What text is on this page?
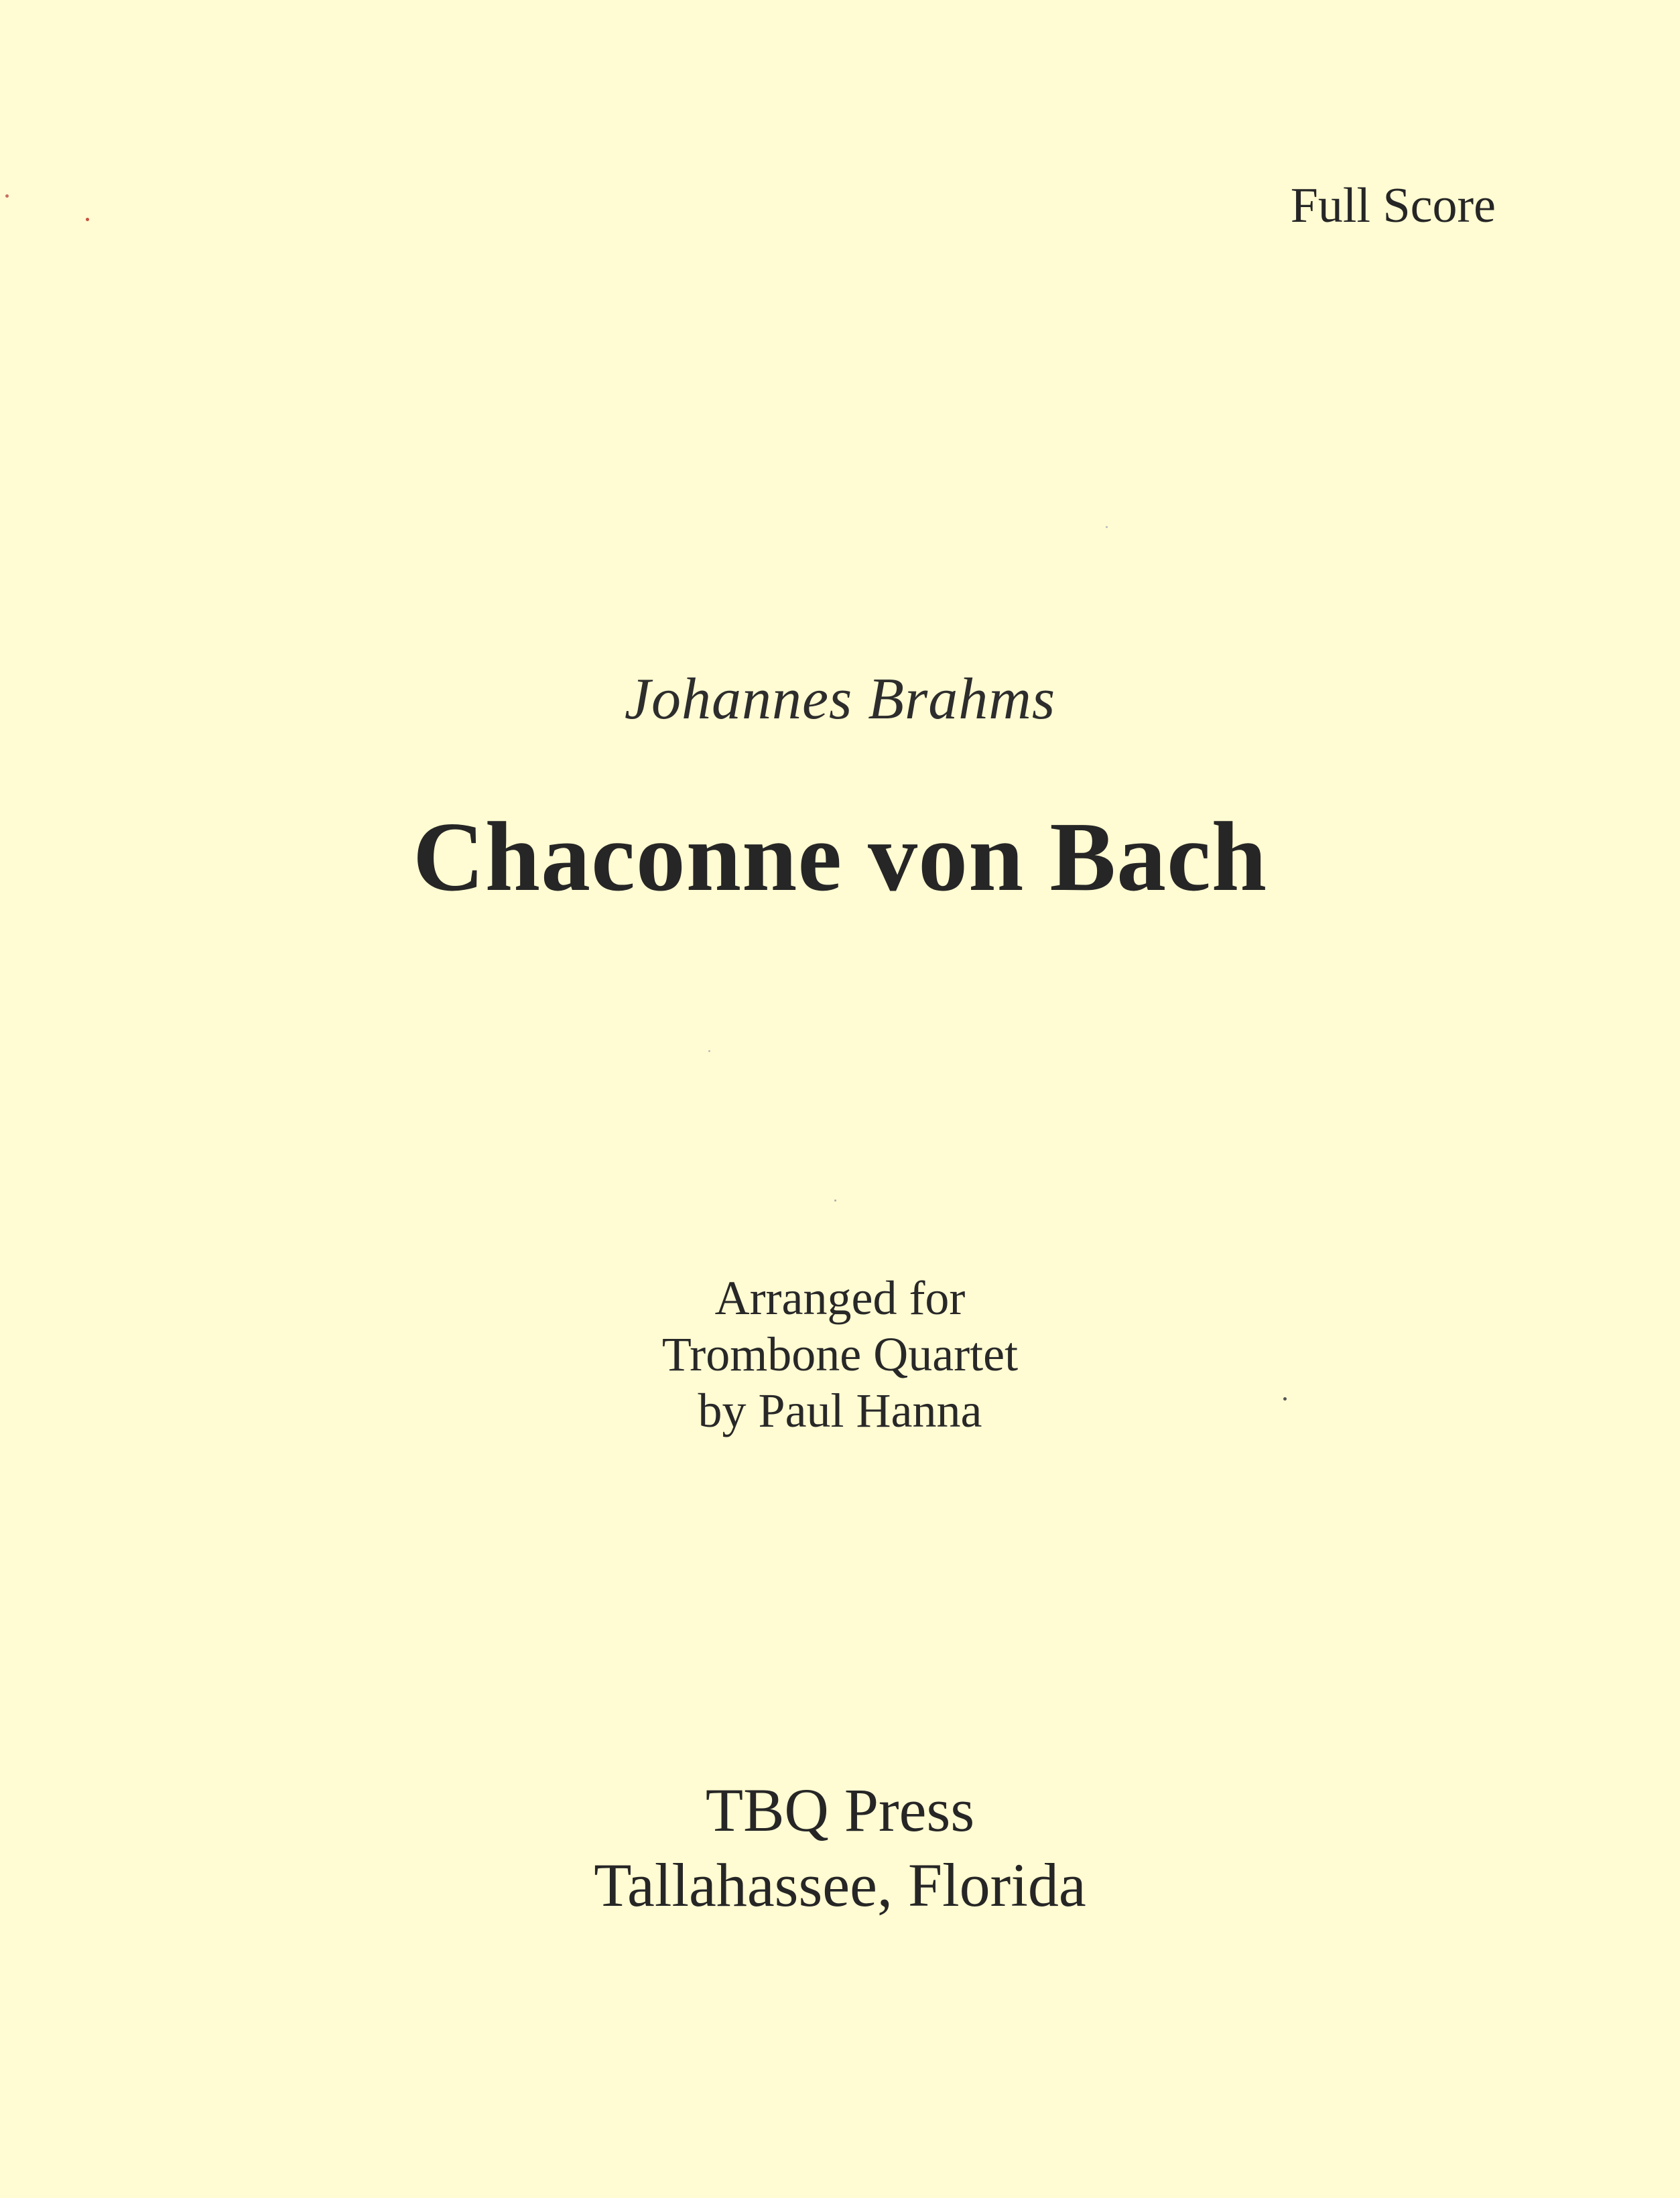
Full Score
Johannes Brahms
Chaconne von Bach
Arranged for
Trombone Quartet
by Paul Hanna
TBQ Press
Tallahassee, Florida
